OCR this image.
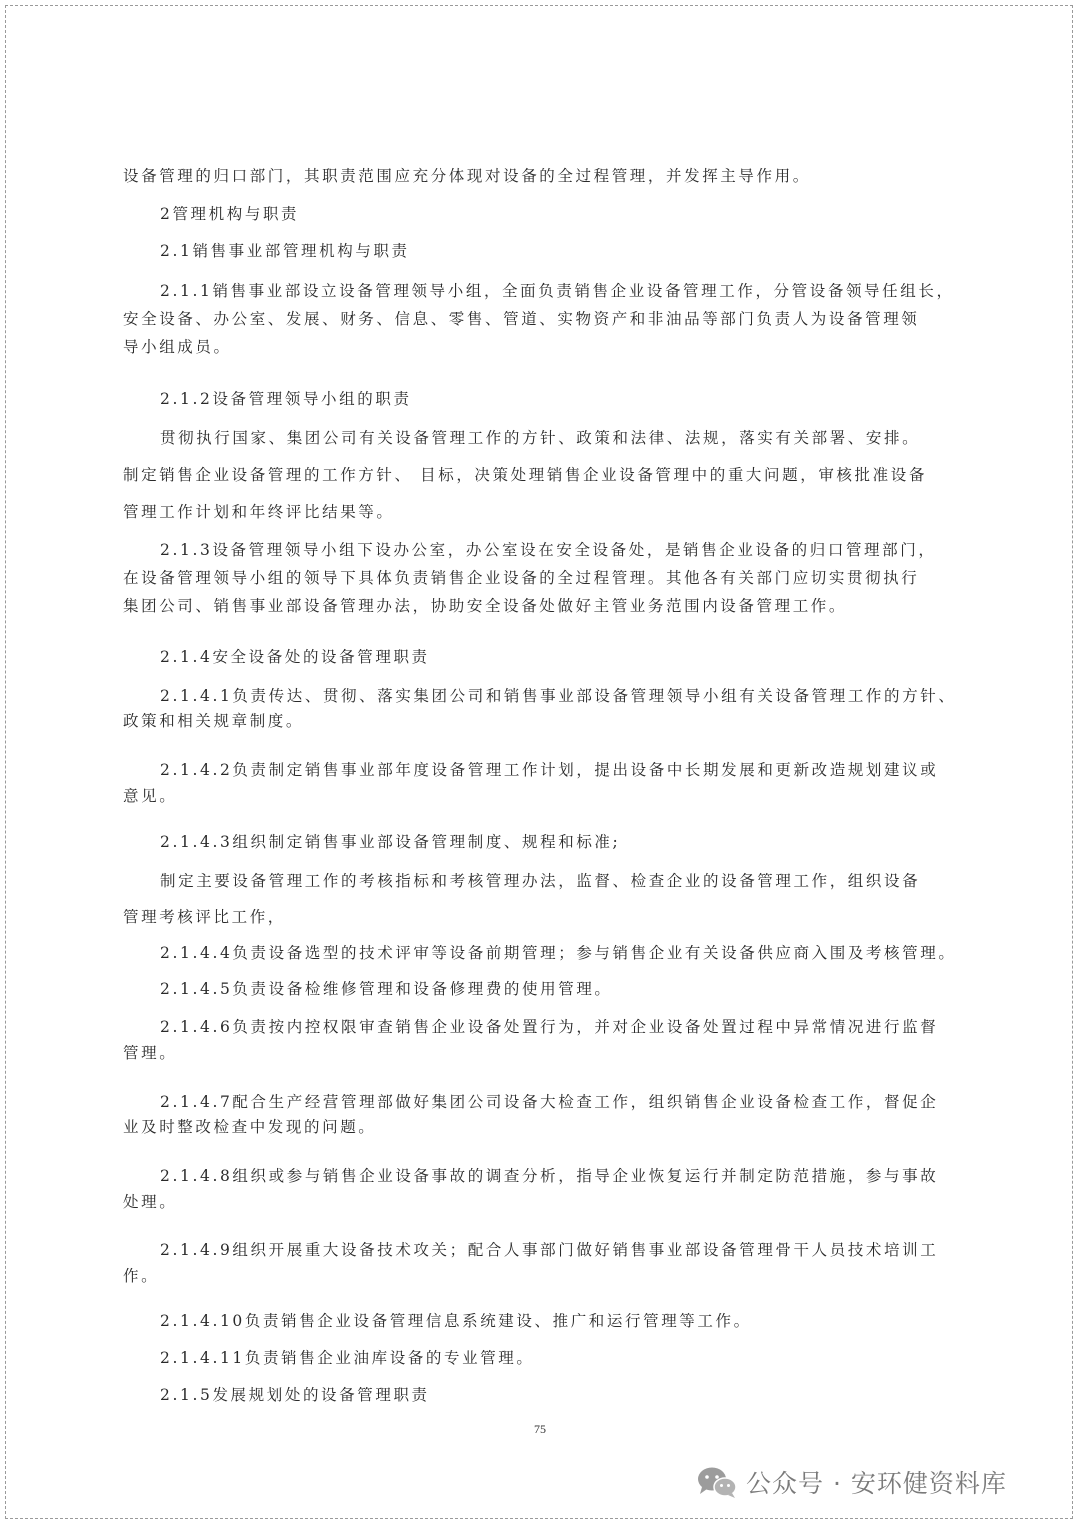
设备管理的归口部门，其职责范围应充分体现对设备的全过程管理，并发挥主导作用。
2管理机构与职责
2.1销售事业部管理机构与职责
2.1.1销售事业部设立设备管理领导小组，全面负责销售企业设备管理工作，分管设备领导任组长，
安全设备、办公室、发展、财务、信息、零售、管道、实物资产和非油品等部门负责人为设备管理领
导小组成员。
2.1.2设备管理领导小组的职责
贯彻执行国家、集团公司有关设备管理工作的方针、政策和法律、法规，落实有关部署、安排。
制定销售企业设备管理的工作方针、 目标，决策处理销售企业设备管理中的重大问题，审核批准设备
管理工作计划和年终评比结果等。
2.1.3设备管理领导小组下设办公室，办公室设在安全设备处，是销售企业设备的归口管理部门，
在设备管理领导小组的领导下具体负责销售企业设备的全过程管理。其他各有关部门应切实贯彻执行
集团公司、销售事业部设备管理办法，协助安全设备处做好主管业务范围内设备管理工作。
2.1.4安全设备处的设备管理职责
2.1.4.1负责传达、贯彻、落实集团公司和销售事业部设备管理领导小组有关设备管理工作的方针、
政策和相关规章制度。
2.1.4.2负责制定销售事业部年度设备管理工作计划，提出设备中长期发展和更新改造规划建议或
意见。
2.1.4.3组织制定销售事业部设备管理制度、规程和标准;
制定主要设备管理工作的考核指标和考核管理办法，监督、检查企业的设备管理工作，组织设备
管理考核评比工作，
2.1.4.4负责设备选型的技术评审等设备前期管理；参与销售企业有关设备供应商入围及考核管理。
2.1.4.5负责设备检维修管理和设备修理费的使用管理。
2.1.4.6负责按内控权限审查销售企业设备处置行为，并对企业设备处置过程中异常情况进行监督
管理。
2.1.4.7配合生产经营管理部做好集团公司设备大检查工作，组织销售企业设备检查工作，督促企
业及时整改检查中发现的问题。
2.1.4.8组织或参与销售企业设备事故的调查分析，指导企业恢复运行并制定防范措施，参与事故
处理。
2.1.4.9组织开展重大设备技术攻关；配合人事部门做好销售事业部设备管理骨干人员技术培训工
作。
2.1.4.10负责销售企业设备管理信息系统建设、推广和运行管理等工作。
2.1.4.11负责销售企业油库设备的专业管理。
2.1.5发展规划处的设备管理职责
75
公众号 · 安环健资料库
